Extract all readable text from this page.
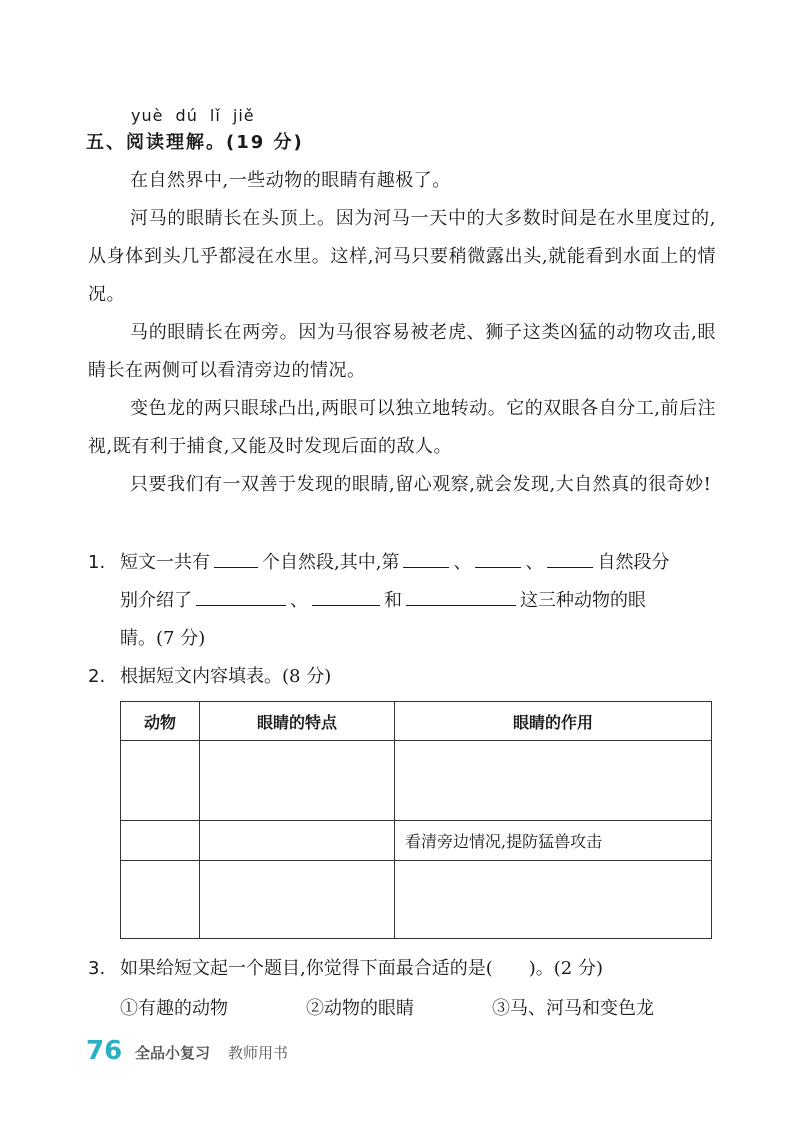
yuè dú lǐ jiě
五、阅读理解。(19 分)
在自然界中,一些动物的眼睛有趣极了。
河马的眼睛长在头顶上。因为河马一天中的大多数时间是在水里度过的,从身体到头几乎都浸在水里。这样,河马只要稍微露出头,就能看到水面上的情况。
马的眼睛长在两旁。因为马很容易被老虎、狮子这类凶猛的动物攻击,眼睛长在两侧可以看清旁边的情况。
变色龙的两只眼球凸出,两眼可以独立地转动。它的双眼各自分工,前后注视,既有利于捕食,又能及时发现后面的敌人。
只要我们有一双善于发现的眼睛,留心观察,就会发现,大自然真的很奇妙!
1. 短文一共有	个自然段,其中,第	、	、	自然段分
别介绍了	、	和	这三种动物的眼
睛。(7 分)
2. 根据短文内容填表。(8 分)
动物	眼睛的特点	眼睛的作用

		看清旁边情况,提防猛兽攻击

3. 如果给短文起一个题目,你觉得下面最合适的是(　　)。(2 分)
①有趣的动物	②动物的眼睛	③马、河马和变色龙
76 全品小复习 教师用书
